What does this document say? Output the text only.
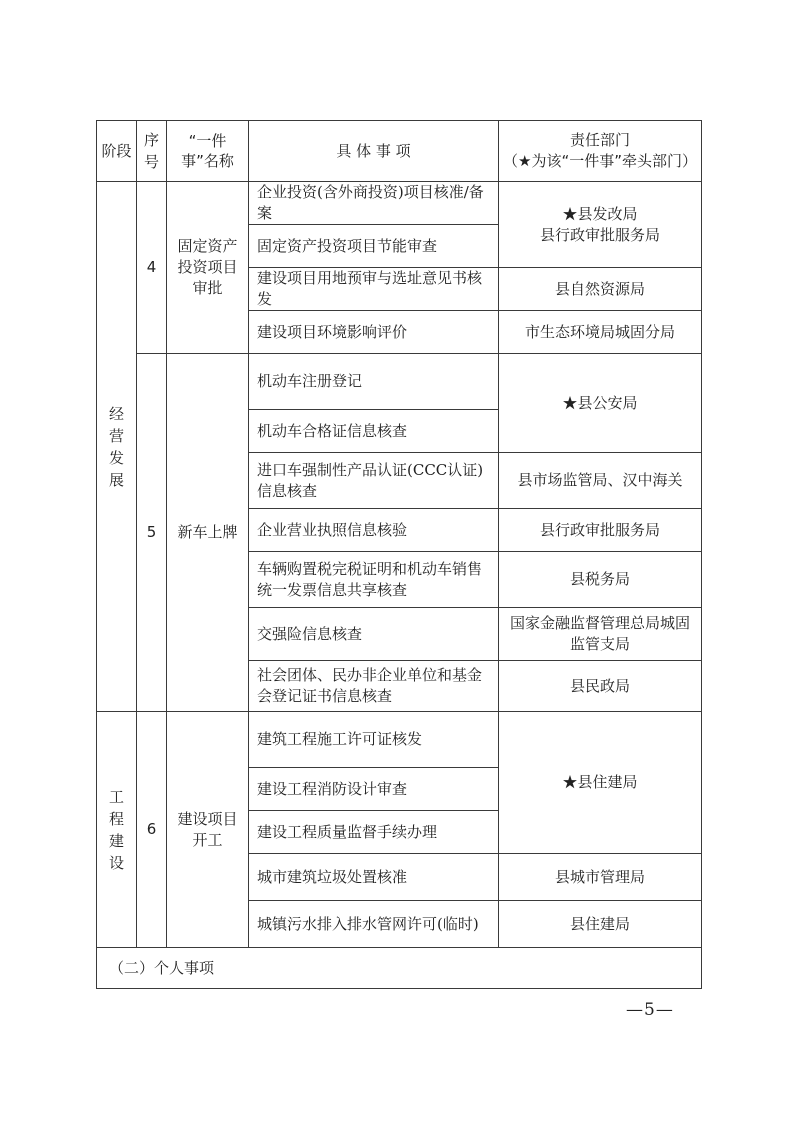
阶段	序号	“一件事”名称	具 体 事 项	责任部门
（★为该“一件事”牵头部门）

经营发展	4	固定资产投资项目审批	企业投资(含外商投资)项目核准/备案	★县发改局
县行政审批服务局

			固定资产投资项目节能审查	
			建设项目用地预审与选址意见书核发	县自然资源局
			建设项目环境影响评价	市生态环境局城固分局
	5	新车上牌	机动车注册登记	★县公安局
			机动车合格证信息核查	
			进口车强制性产品认证(CCC认证)信息核查	县市场监管局、汉中海关
			企业营业执照信息核验	县行政审批服务局
			车辆购置税完税证明和机动车销售统一发票信息共享核查	县税务局
			交强险信息核查	国家金融监督管理总局城固监管支局
			社会团体、民办非企业单位和基金会登记证书信息核查	县民政局
工程建设	6	建设项目开工	建筑工程施工许可证核发	★县住建局
			建设工程消防设计审查	
			建设工程质量监督手续办理	
			城市建筑垃圾处置核准	县城市管理局
			城镇污水排入排水管网许可(临时)	县住建局
（二）个人事项				
—5—
